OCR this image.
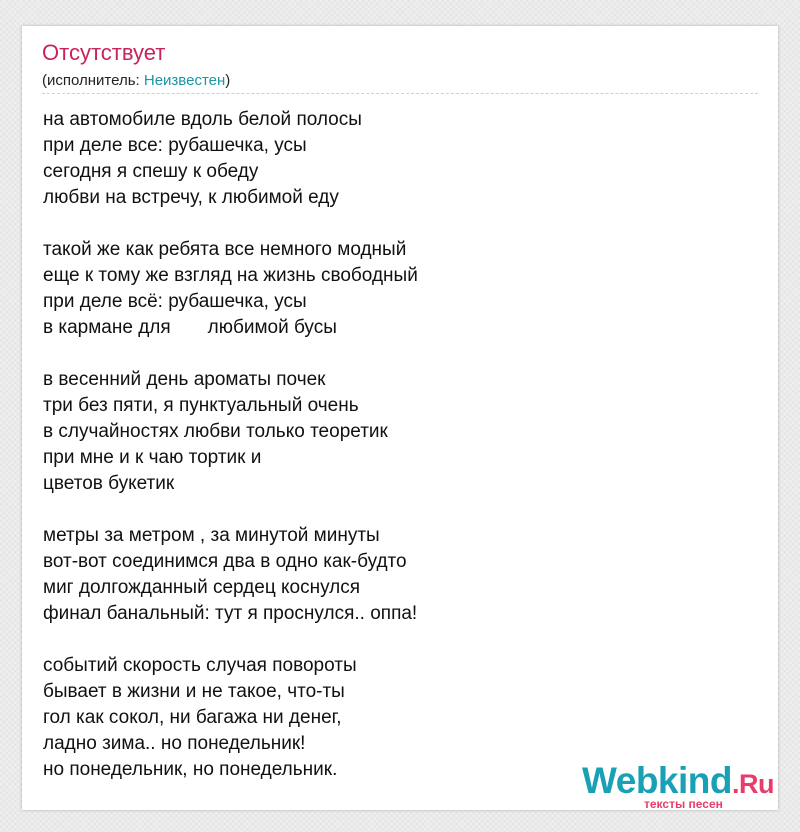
Отсутствует
(исполнитель: Неизвестен)
на автомобиле вдоль белой полосы
при деле все: рубашечка, усы
сегодня я спешу к обеду
любви на встречу, к любимой еду
такой же как ребята все немного модный
еще к тому же взгляд на жизнь свободный
при деле всё: рубашечка, усы
в кармане для       любимой бусы
в весенний день ароматы почек
три без пяти, я пунктуальный очень
в случайностях любви только теоретик
при мне и к чаю тортик и
цветов букетик
метры за метром , за минутой минуты
вот-вот соединимся два в одно как-будто
миг долгожданный сердец коснулся
финал банальный: тут я проснулся.. оппа!
событий скорость случая повороты
бывает в жизни и не такое, что-ты
гол как сокол, ни багажа ни денег,
ладно зима.. но понедельник!
но понедельник, но понедельник.	Webkind.Ru
тексты песен
